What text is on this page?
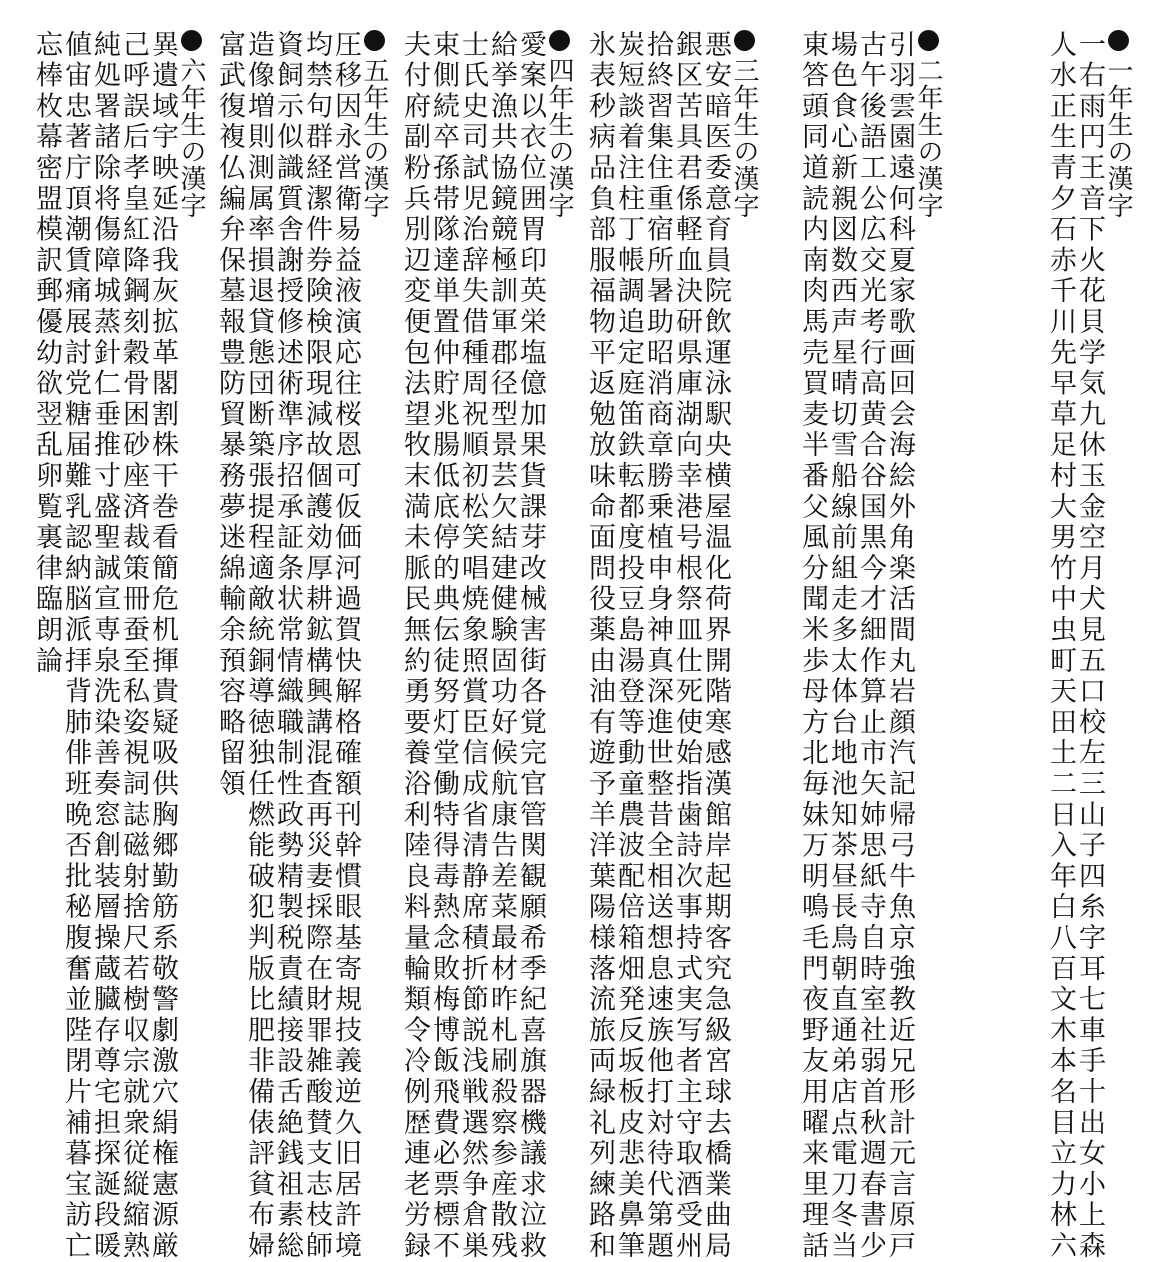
一年生の漢字
一右雨円王音下火花貝学気九休玉金空月犬見五口校左三山子四糸字耳七車手十出女小上森
人水正生青夕石赤千川先早草足村大男竹中虫町天田土二日入年白八百文木本名目立力林六
二年生の漢字
引羽雲園遠何科夏家歌画回会海絵外角楽活間丸岩顔汽記帰弓牛魚京強教近兄形計元言原戸
古午後語工公広交光考行高黄合谷国黒今才細作算止市矢姉思紙寺自時室社弱首秋週春書少
場色食心新親図数西声星晴切雪船線前組走多太体台地池知茶昼長鳥朝直通弟店点電刀冬当
東答頭同道読内南肉馬売買麦半番父風分聞米歩母方北毎妹万明鳴毛門夜野友用曜来里理話
三年生の漢字
悪安暗医委意育員院飲運泳駅央横屋温化荷界開階寒感漢館岸起期客究急級宮球去橋業曲局
銀区苦具君係軽血決研県庫湖向幸港号根祭皿仕死使始指歯詩次事持式実写者主守取酒受州
拾終習集住重宿所暑助昭消商章勝乗植申身神真深進世整昔全相送想息速族他打対待代第題
炭短談着注柱丁帳調追定庭笛鉄転都度投豆島湯登等動童農波配倍箱畑発反坂板皮悲美鼻筆
氷表秒病品負部服福物平返勉放味命面問役薬由油有遊予羊洋葉陽様落流旅両緑礼列練路和
四年生の漢字
愛案以衣位囲胃印英栄塩億加果貨課芽改械害街各覚完官管関観願希季紀喜旗器機議求泣救
給挙漁共協鏡競極訓軍郡径型景芸欠結建健験固功好候航康告差菜最材昨札刷殺察参産散残
士氏史司試児治辞失借種周祝順初松笑唱焼象照賞臣信成省清静席積折節説浅戦選然争倉巣
束側続卒孫帯隊達単置仲貯兆腸低底停的典伝徒努灯堂働特得毒熱念敗梅博飯飛費必票標不
夫付府副粉兵別辺変便包法望牧末満未脈民無約勇要養浴利陸良料量輪類令冷例歴連老労録
五年生の漢字
圧移因永営衛易益液演応往桜恩可仮価河過賀快解格確額刊幹慣眼基寄規技義逆久旧居許境
均禁句群経潔件券険検限現減故個護効厚耕鉱構興講混査再災妻採際在財罪雑酸賛支志枝師
資飼示似識質舎謝授修述術準序招承証条状常情織職制性政勢精製税責績接設舌絶銭祖素総
造像増則測属率損退貸態団断築張提程適敵統銅導徳独任燃能破犯判版比肥非備俵評貧布婦
富武復複仏編弁保墓報豊防貿暴務夢迷綿輸余預容略留領
六年生の漢字
異遺域宇映延沿我灰拡革閣割株干巻看簡危机揮貴疑吸供胸郷勤筋系敬警劇激穴絹権憲源厳
己呼誤后孝皇紅降鋼刻穀骨困砂座済裁策冊蚕至私姿視詞誌磁射捨尺若樹収宗就衆従縦縮熟
純処署諸除将傷障城蒸針仁垂推寸盛聖誠宣専泉洗染善奏窓創装層操蔵臓存尊宅担探誕段暖
値宙忠著庁頂潮賃痛展討党糖届難乳認納脳派拝背肺俳班晩否批秘腹奮並陛閉片補暮宝訪亡
忘棒枚幕密盟模訳郵優幼欲翌乱卵覧裏律臨朗論
